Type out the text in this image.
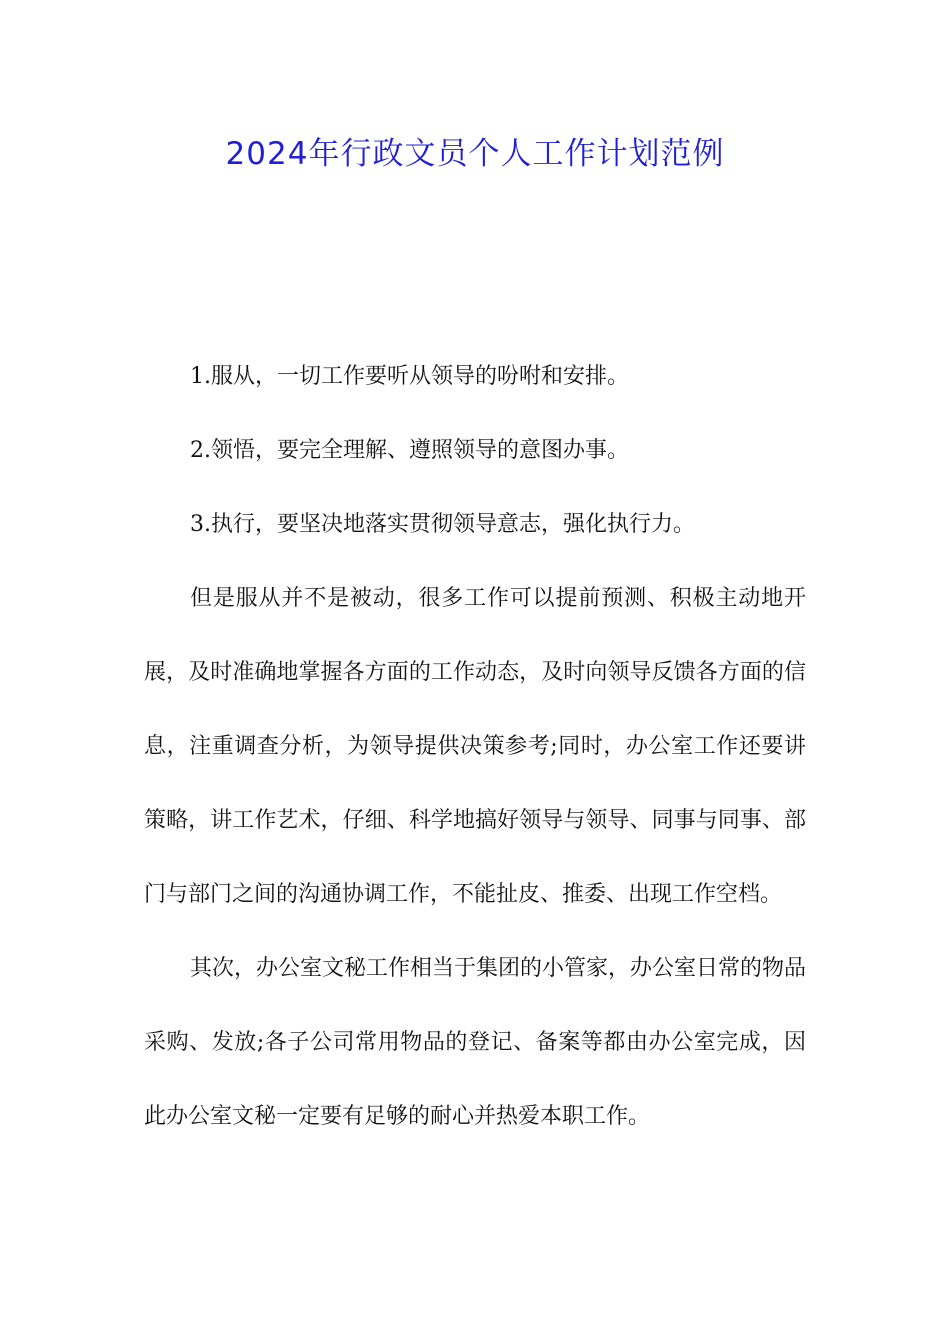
2024年行政文员个人工作计划范例

1.服从，一切工作要听从领导的吩咐和安排。

2.领悟，要完全理解、遵照领导的意图办事。

3.执行，要坚决地落实贯彻领导意志，强化执行力。

但是服从并不是被动，很多工作可以提前预测、积极主动地开展，及时准确地掌握各方面的工作动态，及时向领导反馈各方面的信息，注重调查分析，为领导提供决策参考;同时，办公室工作还要讲策略，讲工作艺术，仔细、科学地搞好领导与领导、同事与同事、部门与部门之间的沟通协调工作，不能扯皮、推委、出现工作空档。

其次，办公室文秘工作相当于集团的小管家，办公室日常的物品采购、发放;各子公司常用物品的登记、备案等都由办公室完成，因此办公室文秘一定要有足够的耐心并热爱本职工作。
